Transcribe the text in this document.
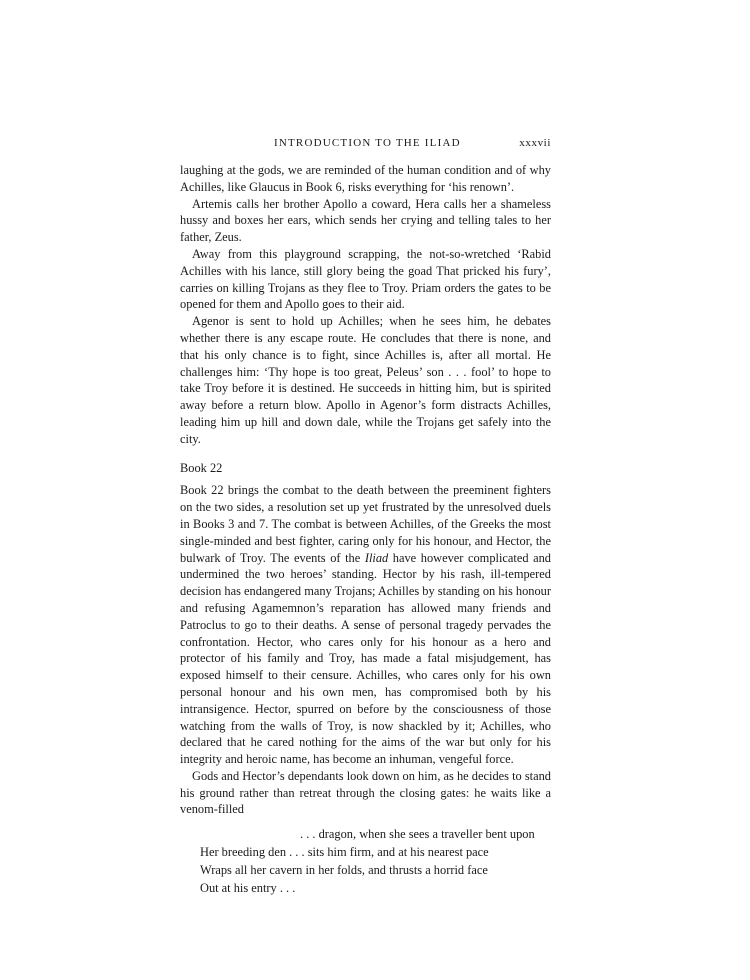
INTRODUCTION TO THE ILIAD	xxxvii

laughing at the gods, we are reminded of the human condition and of why Achilles, like Glaucus in Book 6, risks everything for ‘his renown’.

Artemis calls her brother Apollo a coward, Hera calls her a shameless hussy and boxes her ears, which sends her crying and telling tales to her father, Zeus.

Away from this playground scrapping, the not-so-wretched ‘Rabid Achilles with his lance, still glory being the goad That pricked his fury’, carries on killing Trojans as they flee to Troy. Priam orders the gates to be opened for them and Apollo goes to their aid.

Agenor is sent to hold up Achilles; when he sees him, he debates whether there is any escape route. He concludes that there is none, and that his only chance is to fight, since Achilles is, after all mortal. He challenges him: ‘Thy hope is too great, Peleus’ son . . . fool’ to hope to take Troy before it is destined. He succeeds in hitting him, but is spirited away before a return blow. Apollo in Agenor’s form distracts Achilles, leading him up hill and down dale, while the Trojans get safely into the city.

Book 22

Book 22 brings the combat to the death between the preeminent fighters on the two sides, a resolution set up yet frustrated by the unresolved duels in Books 3 and 7. The combat is between Achilles, of the Greeks the most single-minded and best fighter, caring only for his honour, and Hector, the bulwark of Troy. The events of the Iliad have however complicated and undermined the two heroes’ standing. Hector by his rash, ill-tempered decision has endangered many Trojans; Achilles by standing on his honour and refusing Agamemnon’s reparation has allowed many friends and Patroclus to go to their deaths. A sense of personal tragedy pervades the confrontation. Hector, who cares only for his honour as a hero and protector of his family and Troy, has made a fatal misjudgement, has exposed himself to their censure. Achilles, who cares only for his own personal honour and his own men, has compromised both by his intransigence. Hector, spurred on before by the consciousness of those watching from the walls of Troy, is now shackled by it; Achilles, who declared that he cared nothing for the aims of the war but only for his integrity and heroic name, has become an inhuman, vengeful force.

Gods and Hector’s dependants look down on him, as he decides to stand his ground rather than retreat through the closing gates: he waits like a venom-filled

. . . dragon, when she sees a traveller bent upon
Her breeding den . . . sits him firm, and at his nearest pace
Wraps all her cavern in her folds, and thrusts a horrid face
Out at his entry . . .
